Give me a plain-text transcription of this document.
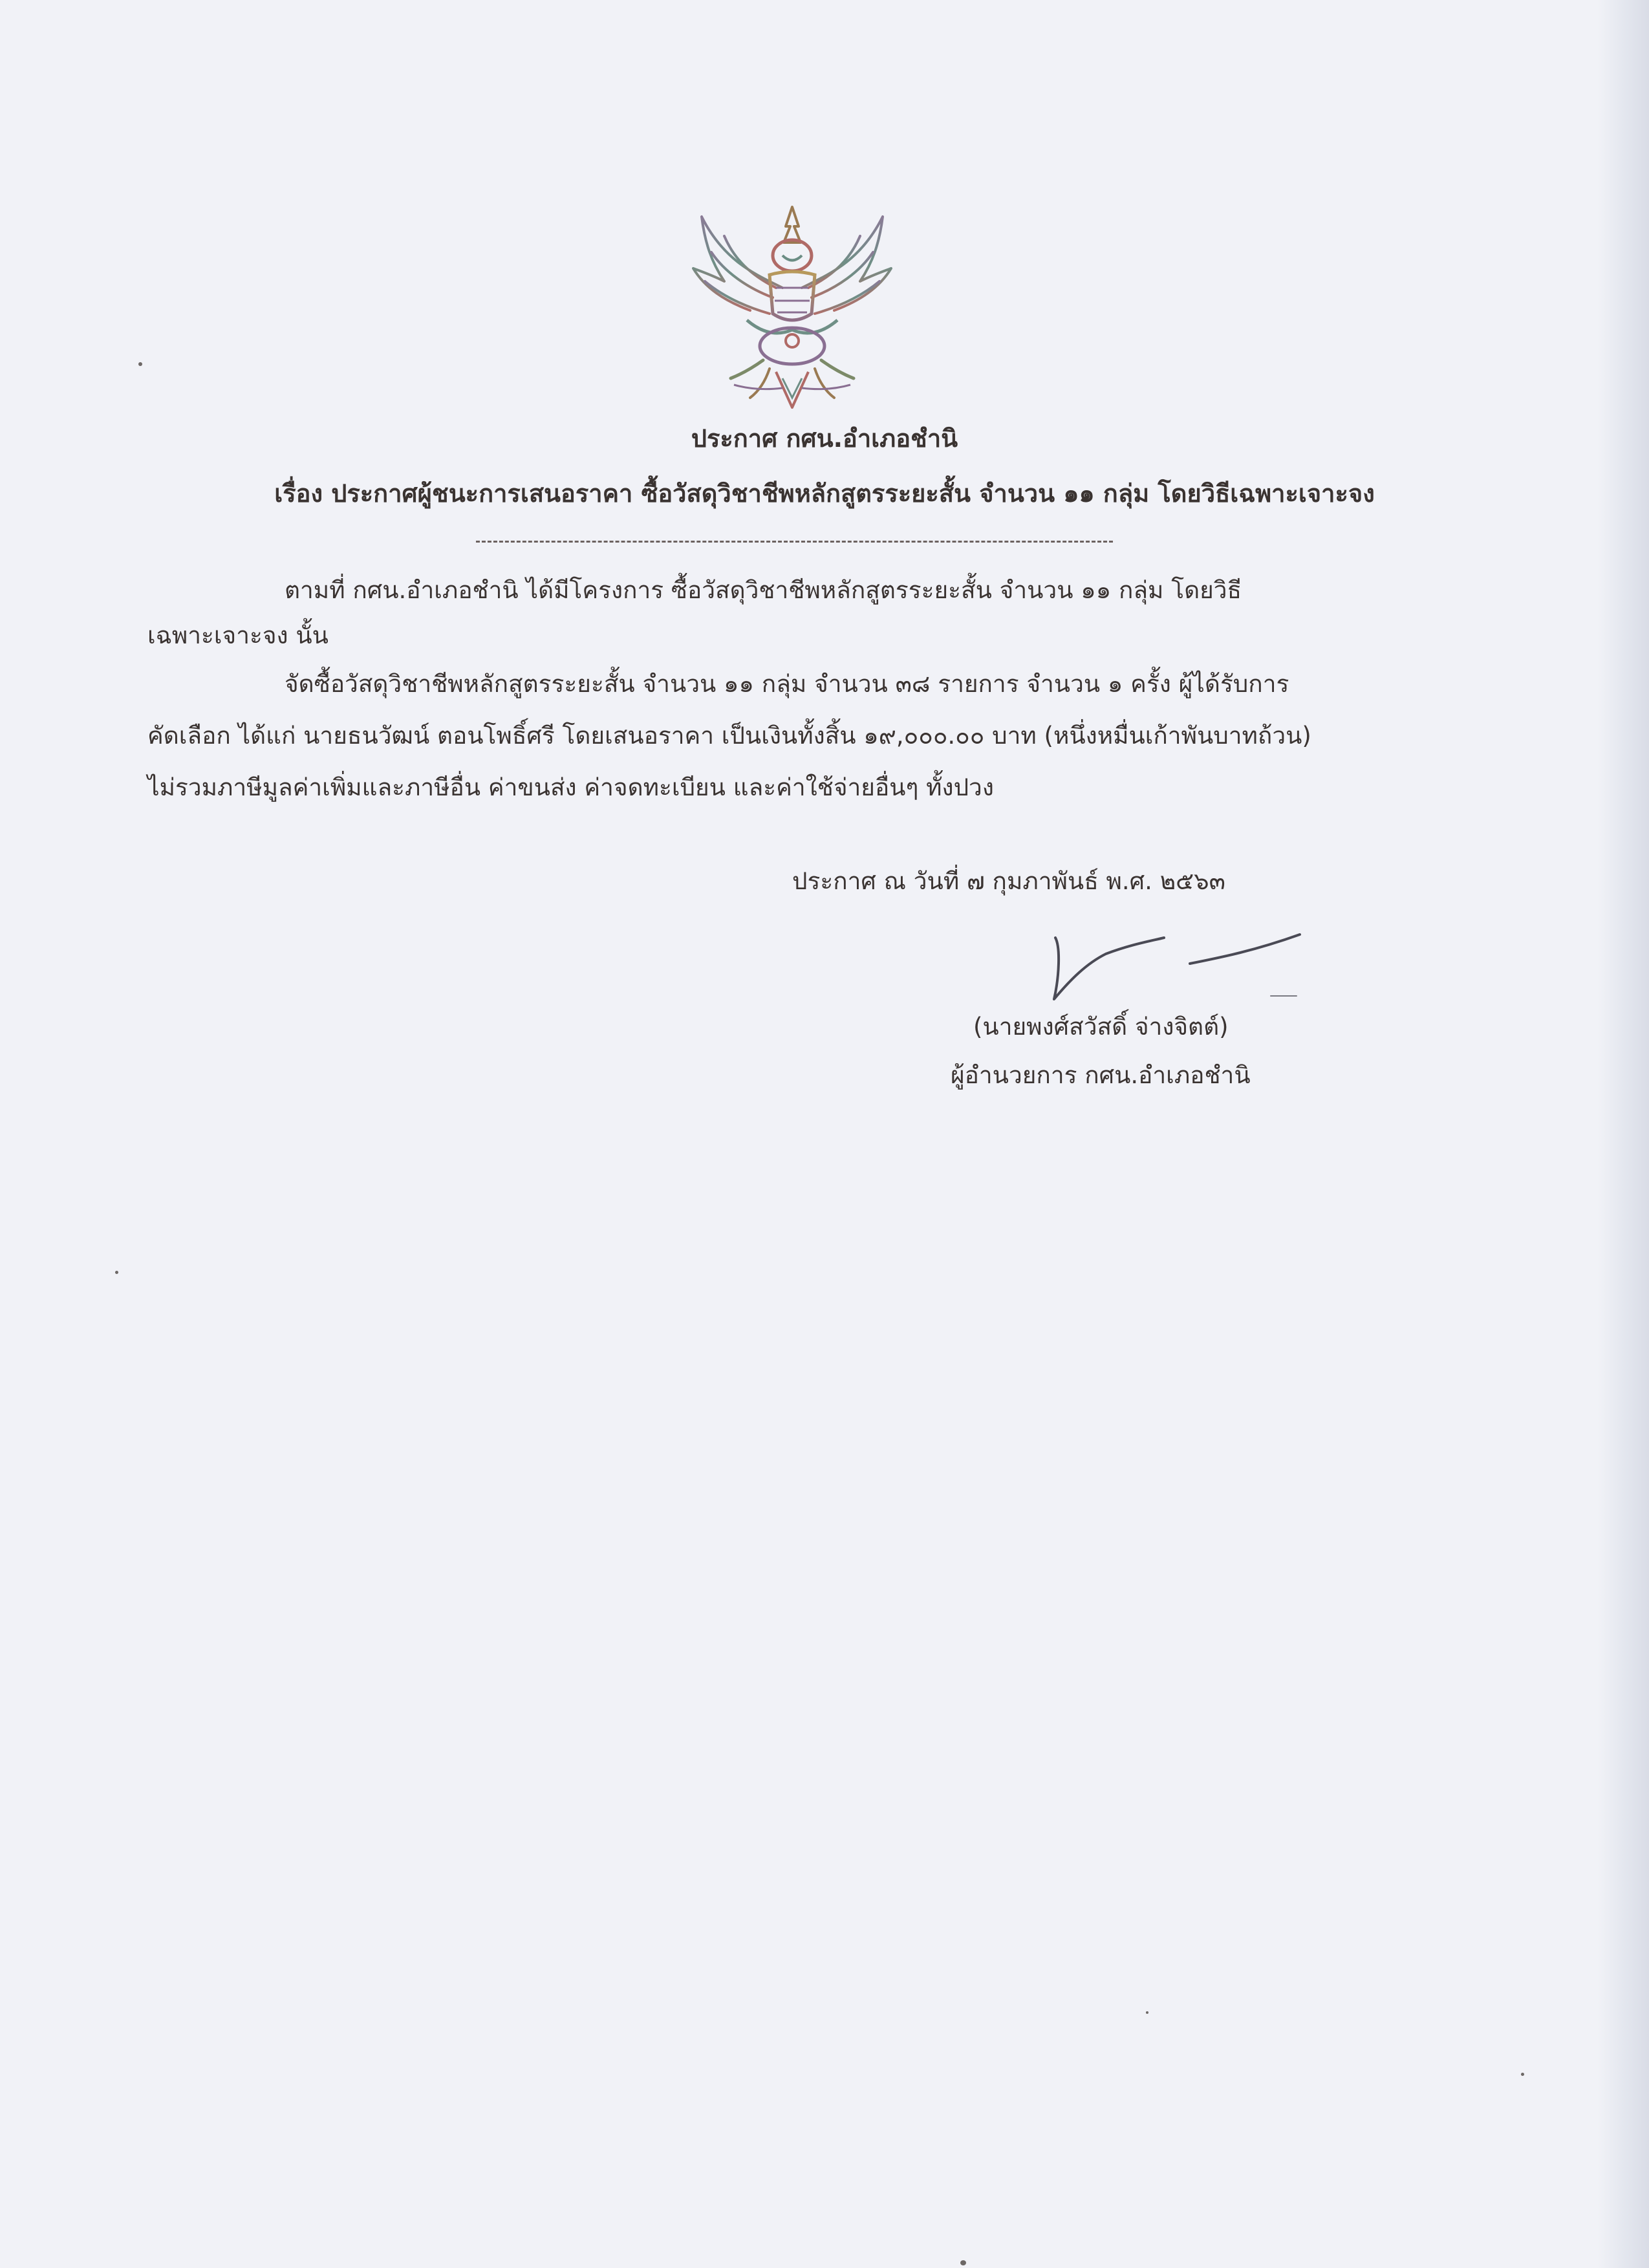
ประกาศ กศน.อำเภอชำนิ
เรื่อง ประกาศผู้ชนะการเสนอราคา ซื้อวัสดุวิชาชีพหลักสูตรระยะสั้น จำนวน ๑๑ กลุ่ม โดยวิธีเฉพาะเจาะจง
ตามที่ กศน.อำเภอชำนิ ได้มีโครงการ ซื้อวัสดุวิชาชีพหลักสูตรระยะสั้น จำนวน ๑๑ กลุ่ม โดยวิธี
เฉพาะเจาะจง นั้น
จัดซื้อวัสดุวิชาชีพหลักสูตรระยะสั้น จำนวน ๑๑ กลุ่ม จำนวน ๓๘ รายการ จำนวน ๑ ครั้ง ผู้ได้รับการ
คัดเลือก ได้แก่ นายธนวัฒน์ ตอนโพธิ์ศรี โดยเสนอราคา เป็นเงินทั้งสิ้น ๑๙,๐๐๐.๐๐ บาท (หนึ่งหมื่นเก้าพันบาทถ้วน)
ไม่รวมภาษีมูลค่าเพิ่มและภาษีอื่น ค่าขนส่ง ค่าจดทะเบียน และค่าใช้จ่ายอื่นๆ ทั้งปวง
ประกาศ ณ วันที่ ๗ กุมภาพันธ์ พ.ศ. ๒๕๖๓
(นายพงศ์สวัสดิ์ จ่างจิตต์)
ผู้อำนวยการ กศน.อำเภอชำนิ
